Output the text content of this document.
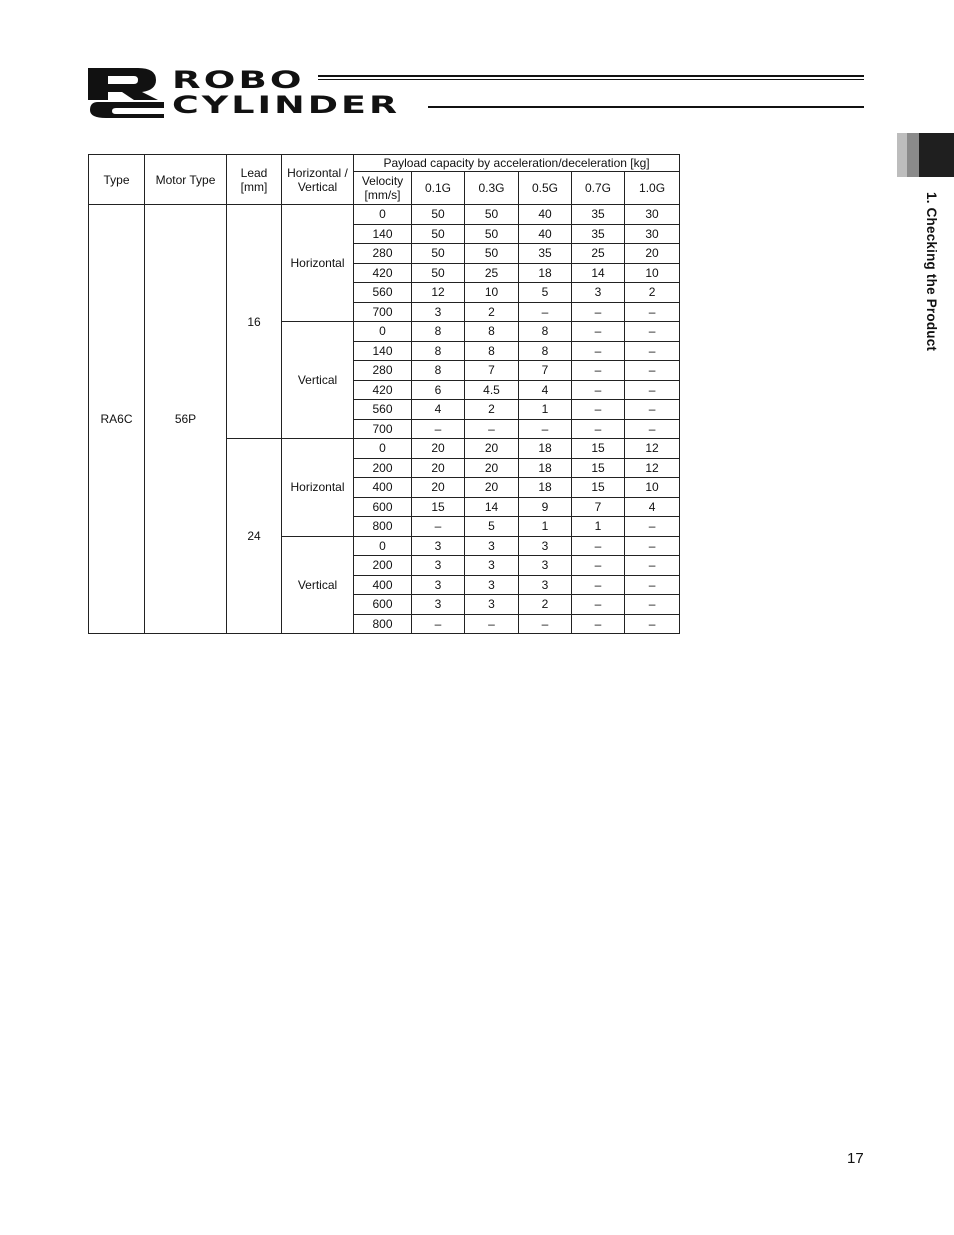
ROBO
CYLINDER
1. Checking the Product
Type	Motor Type	Lead [mm]	Horizontal / Vertical	Payload capacity by acceleration/deceleration [kg]					
				Velocity [mm/s]	0.1G	0.3G	0.5G	0.7G	1.0G
RA6C	56P	16	Horizontal	0	50	50	40	35	30
				140	50	50	40	35	30
				280	50	50	35	25	20
				420	50	25	18	14	10
				560	12	10	5	3	2
				700	3	2	–	–	–
			Vertical	0	8	8	8	–	–
				140	8	8	8	–	–
				280	8	7	7	–	–
				420	6	4.5	4	–	–
				560	4	2	1	–	–
				700	–	–	–	–	–
		24	Horizontal	0	20	20	18	15	12
				200	20	20	18	15	12
				400	20	20	18	15	10
				600	15	14	9	7	4
				800	–	5	1	1	–
			Vertical	0	3	3	3	–	–
				200	3	3	3	–	–
				400	3	3	3	–	–
				600	3	3	2	–	–
				800	–	–	–	–	–
17
